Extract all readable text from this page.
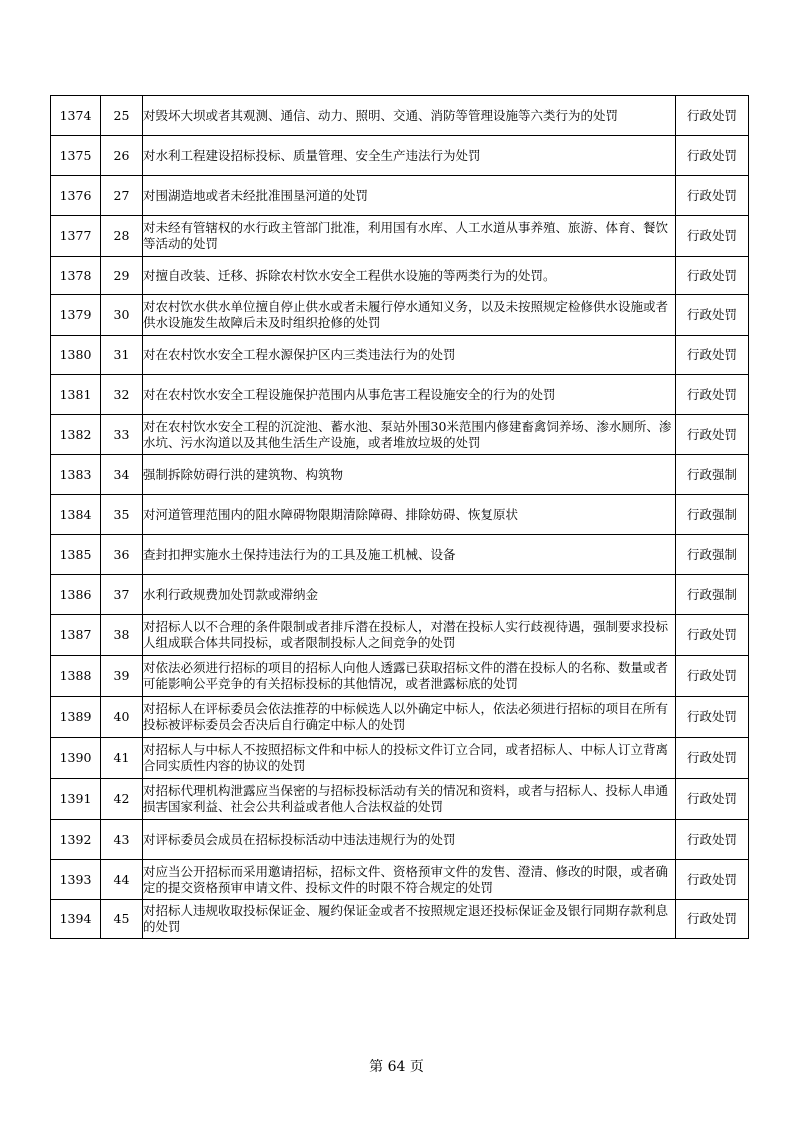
1374	25	对毁坏大坝或者其观测、通信、动力、照明、交通、消防等管理设施等六类行为的处罚	行政处罚
1375	26	对水利工程建设招标投标、质量管理、安全生产违法行为处罚	行政处罚
1376	27	对围湖造地或者未经批准围垦河道的处罚	行政处罚
1377	28	对未经有管辖权的水行政主管部门批准，利用国有水库、人工水道从事养殖、旅游、体育、餐饮等活动的处罚	行政处罚
1378	29	对擅自改装、迁移、拆除农村饮水安全工程供水设施的等两类行为的处罚。	行政处罚
1379	30	对农村饮水供水单位擅自停止供水或者未履行停水通知义务，以及未按照规定检修供水设施或者供水设施发生故障后未及时组织抢修的处罚	行政处罚
1380	31	对在农村饮水安全工程水源保护区内三类违法行为的处罚	行政处罚
1381	32	对在农村饮水安全工程设施保护范围内从事危害工程设施安全的行为的处罚	行政处罚
1382	33	对在农村饮水安全工程的沉淀池、蓄水池、泵站外围30米范围内修建畜禽饲养场、渗水厕所、渗水坑、污水沟道以及其他生活生产设施，或者堆放垃圾的处罚	行政处罚
1383	34	强制拆除妨碍行洪的建筑物、构筑物	行政强制
1384	35	对河道管理范围内的阻水障碍物限期清除障碍、排除妨碍、恢复原状	行政强制
1385	36	查封扣押实施水土保持违法行为的工具及施工机械、设备	行政强制
1386	37	水利行政规费加处罚款或滞纳金	行政强制
1387	38	对招标人以不合理的条件限制或者排斥潜在投标人，对潜在投标人实行歧视待遇，强制要求投标人组成联合体共同投标，或者限制投标人之间竞争的处罚	行政处罚
1388	39	对依法必须进行招标的项目的招标人向他人透露已获取招标文件的潜在投标人的名称、数量或者可能影响公平竞争的有关招标投标的其他情况，或者泄露标底的处罚	行政处罚
1389	40	对招标人在评标委员会依法推荐的中标候选人以外确定中标人，依法必须进行招标的项目在所有投标被评标委员会否决后自行确定中标人的处罚	行政处罚
1390	41	对招标人与中标人不按照招标文件和中标人的投标文件订立合同，或者招标人、中标人订立背离合同实质性内容的协议的处罚	行政处罚
1391	42	对招标代理机构泄露应当保密的与招标投标活动有关的情况和资料，或者与招标人、投标人串通损害国家利益、社会公共利益或者他人合法权益的处罚	行政处罚
1392	43	对评标委员会成员在招标投标活动中违法违规行为的处罚	行政处罚
1393	44	对应当公开招标而采用邀请招标，招标文件、资格预审文件的发售、澄清、修改的时限，或者确定的提交资格预审申请文件、投标文件的时限不符合规定的处罚	行政处罚
1394	45	对招标人违规收取投标保证金、履约保证金或者不按照规定退还投标保证金及银行同期存款利息的处罚	行政处罚
第 64 页
